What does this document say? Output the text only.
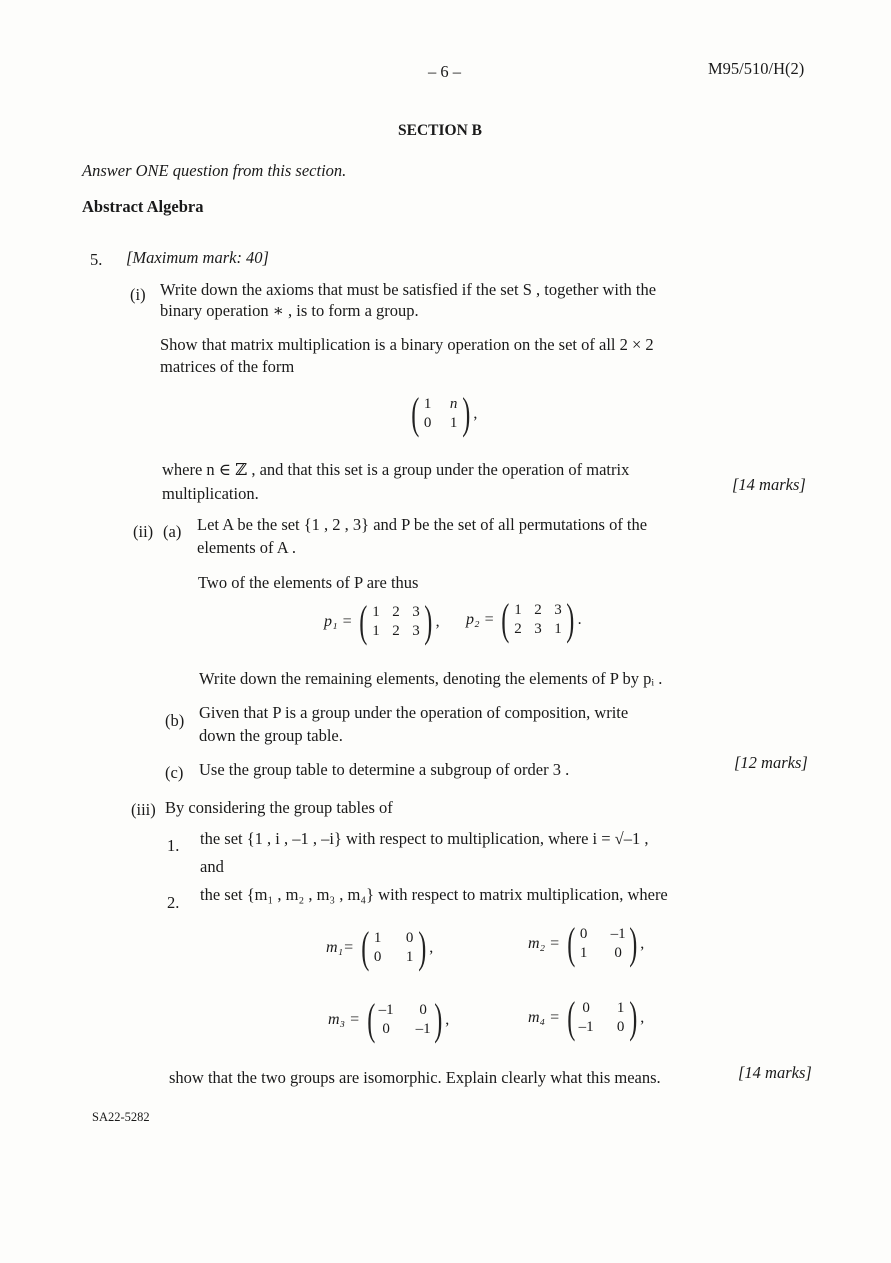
– 6 –	M95/510/H(2)
SECTION B
Answer ONE question from this section.
Abstract Algebra
5. [Maximum mark: 40]
(i) Write down the axioms that must be satisfied if the set S , together with the
binary operation ∗ , is to form a group.
Show that matrix multiplication is a binary operation on the set of all 2 × 2
matrices of the form
( 1 n
0 1 ) ,
where n ∈ ℤ , and that this set is a group under the operation of matrix
multiplication.	[14 marks]
(ii) (a) Let A be the set {1 , 2 , 3} and P be the set of all permutations of the
elements of A .
Two of the elements of P are thus
p₁ = ( 1 2 3
1 2 3 ) , p₂ = ( 1 2 3
2 3 1 ) .
Write down the remaining elements, denoting the elements of P by pᵢ .
(b) Given that P is a group under the operation of composition, write
down the group table.
(c) Use the group table to determine a subgroup of order 3 .	[12 marks]
(iii) By considering the group tables of
1. the set {1 , i , –1 , –i} with respect to multiplication, where i = √–1 ,
and
2. the set {m₁ , m₂ , m₃ , m₄} with respect to matrix multiplication, where
m₁= ( 1 0
0 1 ) ,	m₂ = ( 0 –1
1 0 ) ,
m₃ = ( –1 0
0 –1 ) ,	m₄ = ( 0 1
–1 0 ) ,
show that the two groups are isomorphic. Explain clearly what this means.	[14 marks]
SA22-5282
